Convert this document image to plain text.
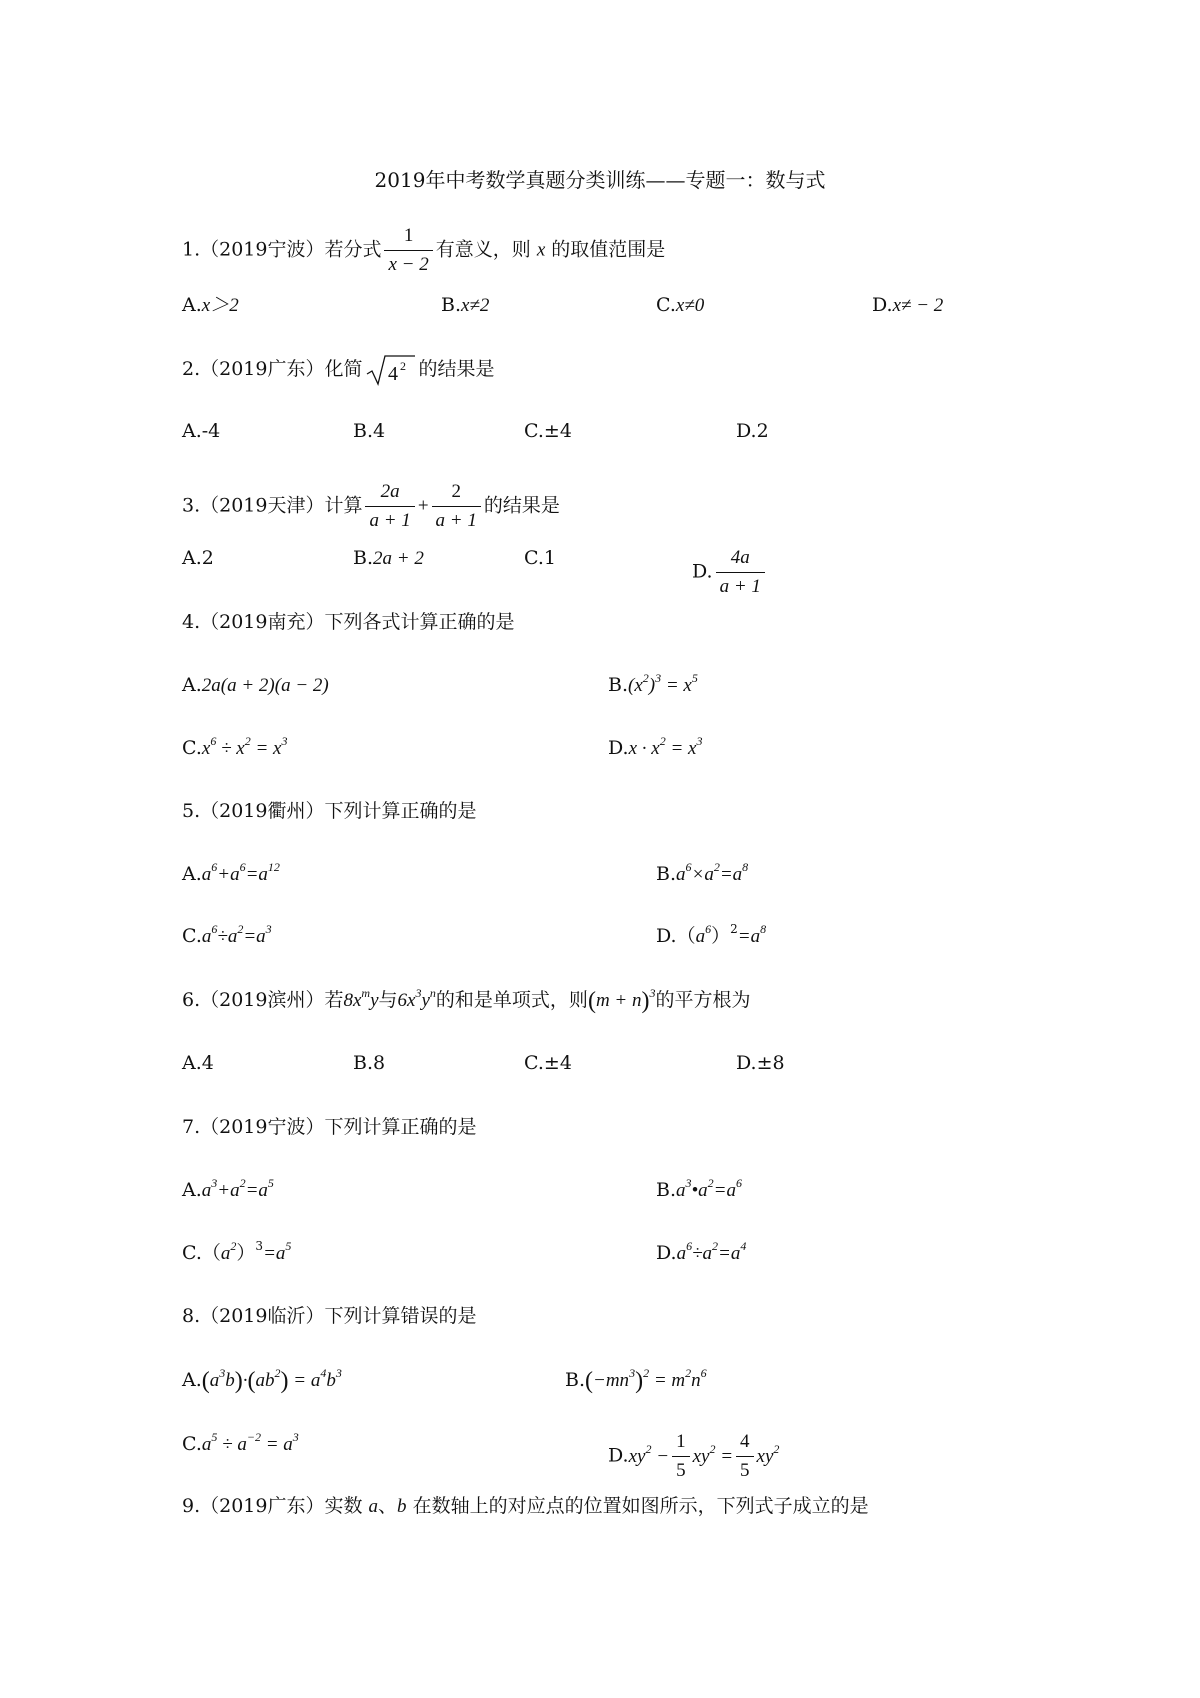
2019年中考数学真题分类训练——专题一：数与式
1.（2019宁波）若分式 $\frac{1}{x - 2}$ 有意义，则 x 的取值范围是
A.x＞2	B.x≠2	C.x≠0	D.x≠ − 2
2.（2019广东）化简 4 2 的结果是
A.-4	B.4	C.±4	D.2
3.（2019天津）计算 $\frac{2a}{a + 1} + \frac{2}{a + 1}$ 的结果是
A.2	B.2a + 2	C.1
D. $\frac{4a}{a + 1}$
4.（2019南充）下列各式计算正确的是
A.2a(a + 2)(a − 2)	$B.(x^2)^3 = x^5$
$C.x^6 \div x^2 = x^3$	$D.x \cdot x^2 = x^3$
5.（2019衢州）下列计算正确的是
$A.a^6+a^6=a^{12}$	$B.a^6\times a^2=a^8$
$C.a^6\div a^2=a^3$	$D.(a^6)^2=a^8$
6.（2019滨州）若$8x^my$与$6x^3y^n$的和是单项式，则$(m + n)^3$的平方根为
A.4	B.8	C.±4	D.±8
7.（2019宁波）下列计算正确的是
$A.a^3+a^2=a^5$	$B.a^3•a^2=a^6$
$C.(a^2)^3=a^5$	$D.a^6\div a^2=a^4$
8.（2019临沂）下列计算错误的是
$A.(a^3b)\cdot(ab^2) = a^4b^3$	$B.(-mn^3)^2 = m^2n^6$
$C.a^5 \div a^{-2} = a^3$
$D.xy^2 - \frac{1}{5} xy^2 = \frac{4}{5} xy^2$
9.（2019广东）实数 a、b 在数轴上的对应点的位置如图所示，下列式子成立的是
